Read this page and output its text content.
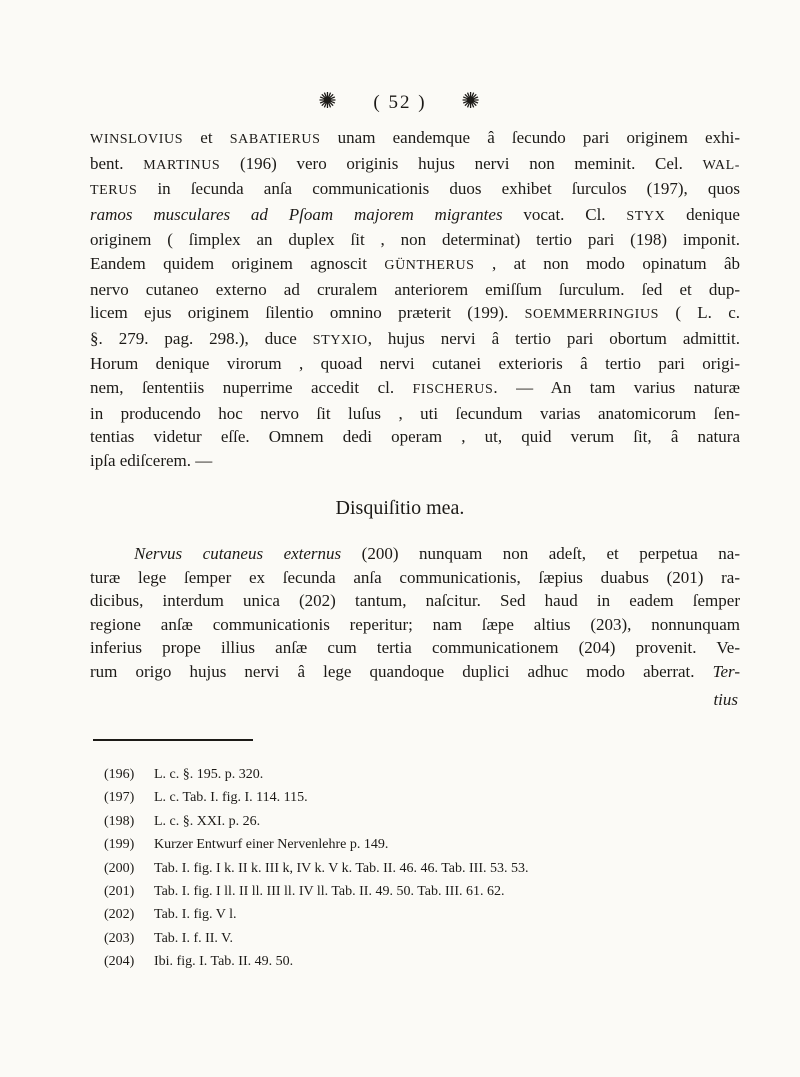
✺ ( 52 ) ✺
WINSLOVIUS et SABATIERUS unam eandemque â ſecundo pari originem exhi-
bent. MARTINUS (196) vero originis hujus nervi non meminit. Cel. WAL-
TERUS in ſecunda anſa communicationis duos exhibet ſurculos (197), quos
ramos musculares ad Pſoam majorem migrantes vocat. Cl. STYX denique
originem ( ſimplex an duplex ſit , non determinat) tertio pari (198) imponit.
Eandem quidem originem agnoscit GÜNTHERUS , at non modo opinatum âb
nervo cutaneo externo ad cruralem anteriorem emiſſum ſurculum. ſed et dup-
licem ejus originem ſilentio omnino præterit (199). SOEMMERRINGIUS ( L. c.
§. 279. pag. 298.), duce STYXIO, hujus nervi â tertio pari obortum admittit.
Horum denique virorum , quoad nervi cutanei exterioris â tertio pari origi-
nem, ſententiis nuperrime accedit cl. FISCHERUS. — An tam varius naturæ
in producendo hoc nervo ſit luſus , uti ſecundum varias anatomicorum ſen-
tentias videtur eſſe. Omnem dedi operam , ut, quid verum ſit, â natura
ipſa ediſcerem. —
Disquiſitio mea.
Nervus cutaneus externus (200) nunquam non adeſt, et perpetua na-
turæ lege ſemper ex ſecunda anſa communicationis, ſæpius duabus (201) ra-
dicibus, interdum unica (202) tantum, naſcitur. Sed haud in eadem ſemper
regione anſæ communicationis reperitur; nam ſæpe altius (203), nonnunquam
inferius prope illius anſæ cum tertia communicationem (204) provenit. Ve-
rum origo hujus nervi â lege quandoque duplici adhuc modo aberrat. Ter-
tius
(196) L. c. §. 195. p. 320.
(197) L. c. Tab. I. fig. I. 114. 115.
(198) L. c. §. XXI. p. 26.
(199) Kurzer Entwurf einer Nervenlehre p. 149.
(200) Tab. I. fig. I k. II k. III k, IV k. V k. Tab. II. 46. 46. Tab. III. 53. 53.
(201) Tab. I. fig. I ll. II ll. III ll. IV ll. Tab. II. 49. 50. Tab. III. 61. 62.
(202) Tab. I. fig. V l.
(203) Tab. I. f. II. V.
(204) Ibi. fig. I. Tab. II. 49. 50.
